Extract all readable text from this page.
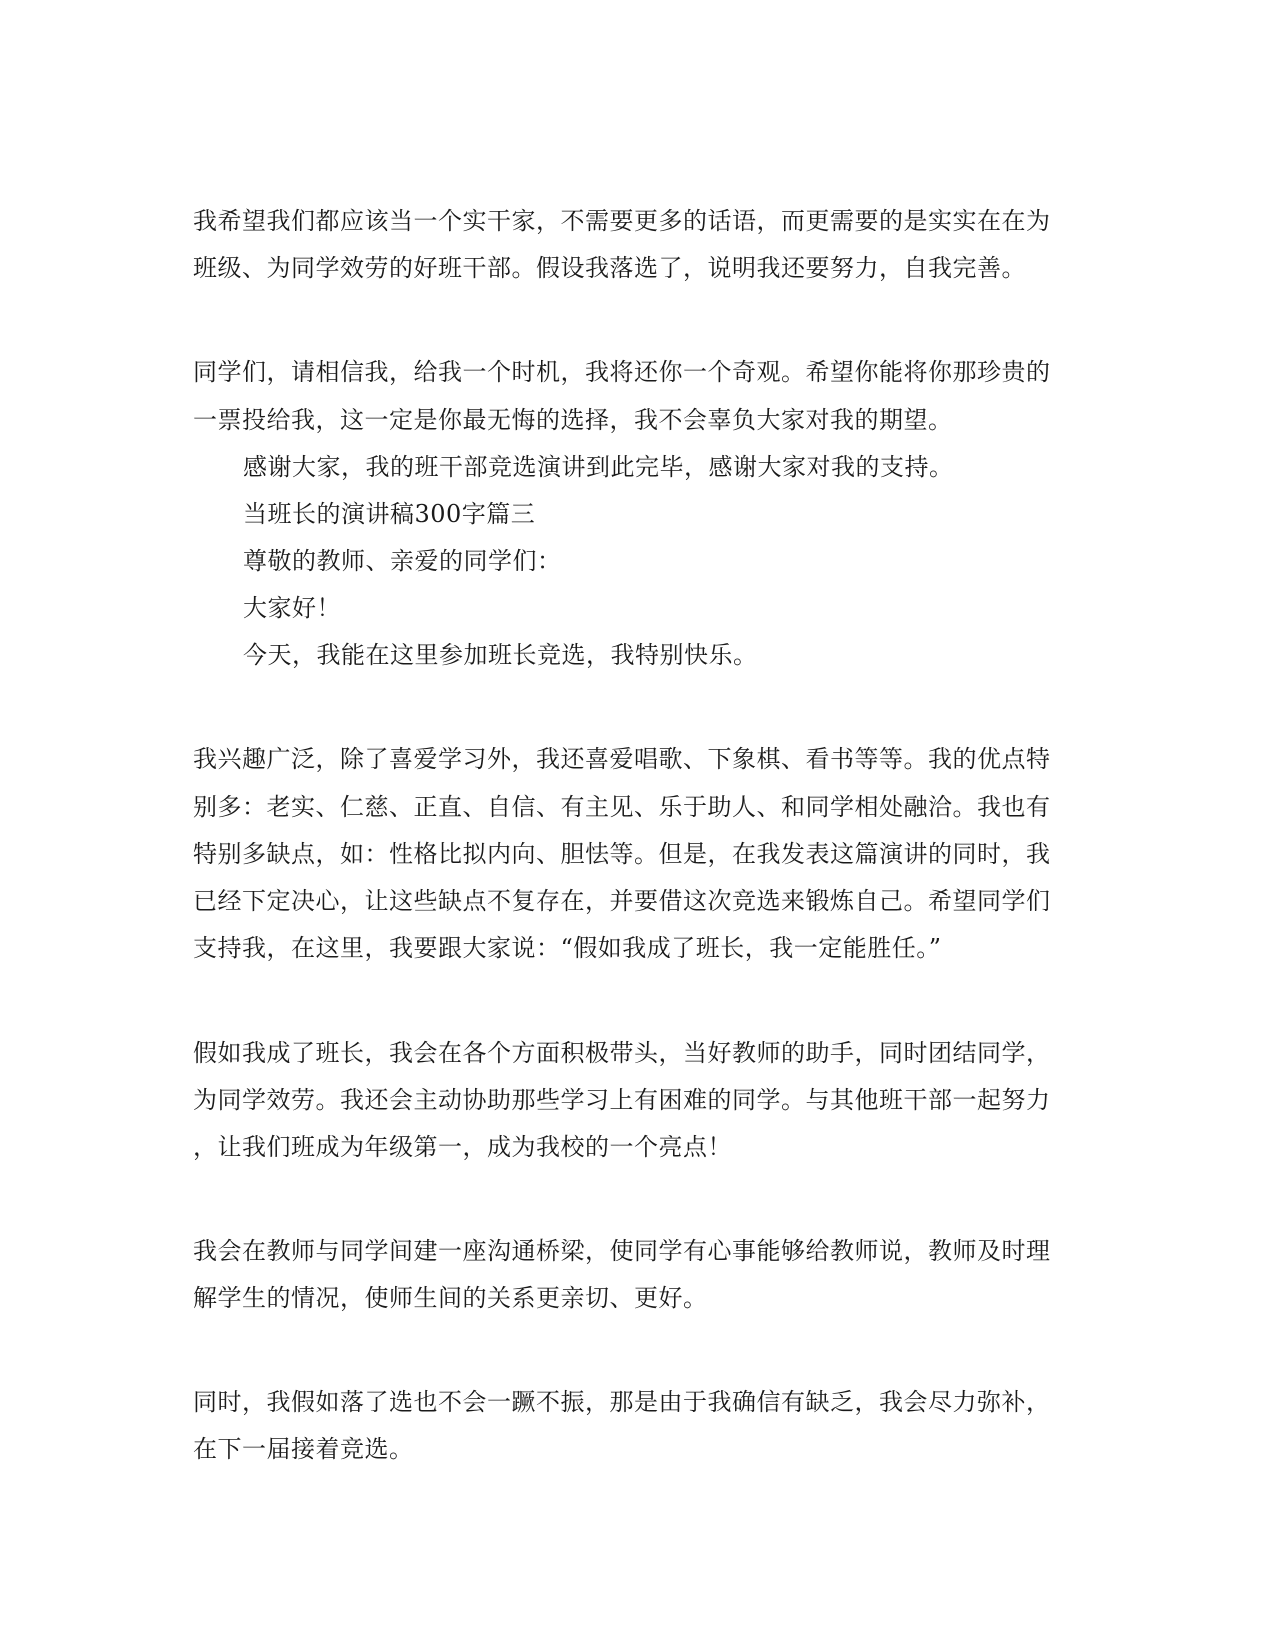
我希望我们都应该当一个实干家，不需要更多的话语，而更需要的是实实在在为
班级、为同学效劳的好班干部。假设我落选了，说明我还要努力，自我完善。
同学们，请相信我，给我一个时机，我将还你一个奇观。希望你能将你那珍贵的
一票投给我，这一定是你最无悔的选择，我不会辜负大家对我的期望。
感谢大家，我的班干部竞选演讲到此完毕，感谢大家对我的支持。
当班长的演讲稿300字篇三
尊敬的教师、亲爱的同学们：
大家好！
今天，我能在这里参加班长竞选，我特别快乐。
我兴趣广泛，除了喜爱学习外，我还喜爱唱歌、下象棋、看书等等。我的优点特
别多：老实、仁慈、正直、自信、有主见、乐于助人、和同学相处融洽。我也有
特别多缺点，如：性格比拟内向、胆怯等。但是，在我发表这篇演讲的同时，我
已经下定决心，让这些缺点不复存在，并要借这次竞选来锻炼自己。希望同学们
支持我，在这里，我要跟大家说：“假如我成了班长，我一定能胜任。”
假如我成了班长，我会在各个方面积极带头，当好教师的助手，同时团结同学，
为同学效劳。我还会主动协助那些学习上有困难的同学。与其他班干部一起努力
，让我们班成为年级第一，成为我校的一个亮点！
我会在教师与同学间建一座沟通桥梁，使同学有心事能够给教师说，教师及时理
解学生的情况，使师生间的关系更亲切、更好。
同时，我假如落了选也不会一蹶不振，那是由于我确信有缺乏，我会尽力弥补，
在下一届接着竞选。
